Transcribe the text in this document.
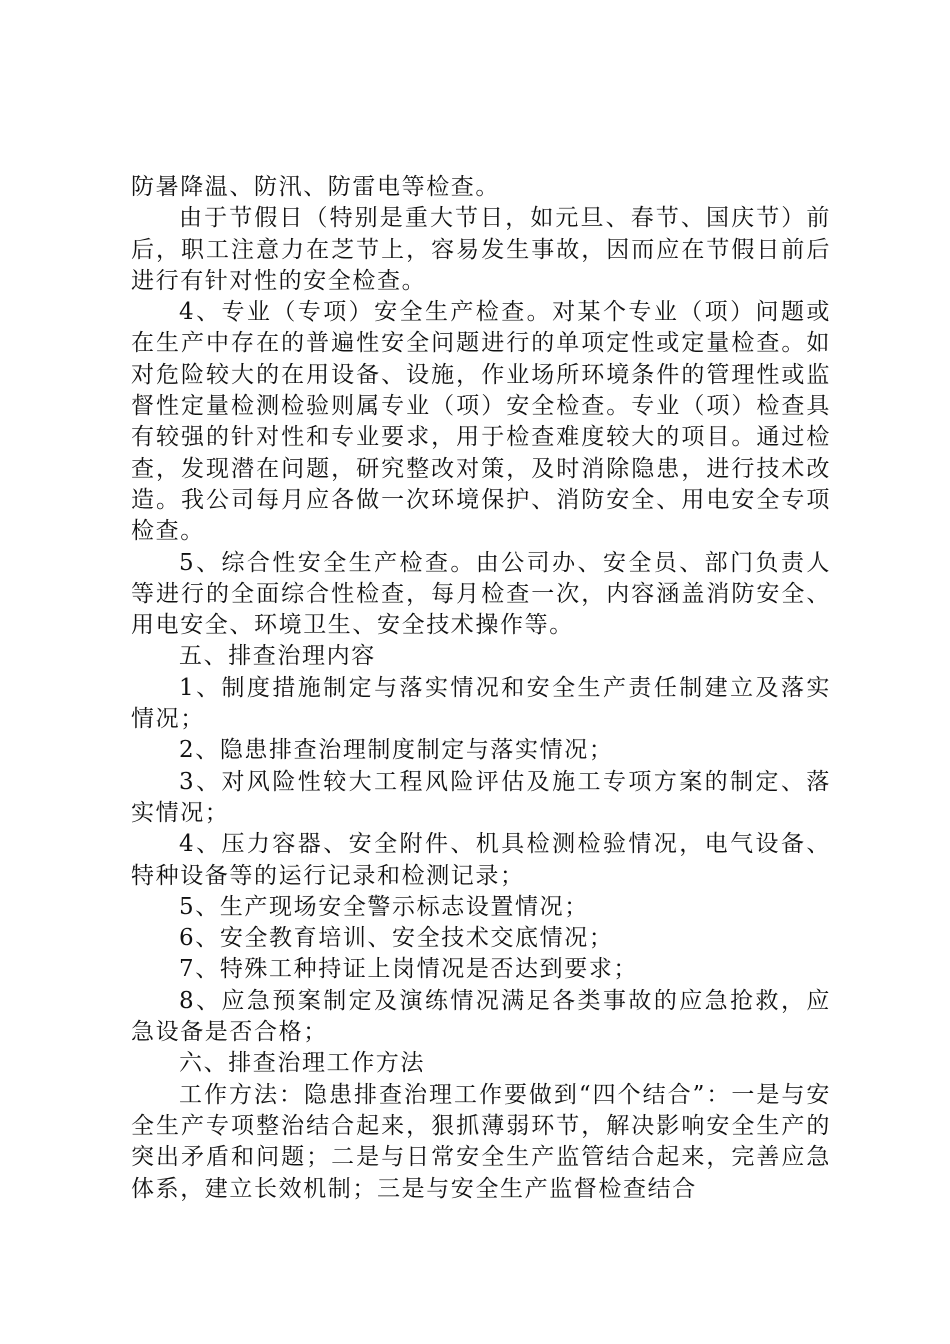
防暑降温、防汛、防雷电等检查。

由于节假日（特别是重大节日，如元旦、春节、国庆节）前后，职工注意力在芝节上，容易发生事故，因而应在节假日前后进行有针对性的安全检查。

4、专业（专项）安全生产检查。对某个专业（项）问题或在生产中存在的普遍性安全问题进行的单项定性或定量检查。如对危险较大的在用设备、设施，作业场所环境条件的管理性或监督性定量检测检验则属专业（项）安全检查。专业（项）检查具有较强的针对性和专业要求，用于检查难度较大的项目。通过检查，发现潜在问题，研究整改对策，及时消除隐患，进行技术改造。我公司每月应各做一次环境保护、消防安全、用电安全专项检查。

5、综合性安全生产检查。由公司办、安全员、部门负责人等进行的全面综合性检查，每月检查一次，内容涵盖消防安全、用电安全、环境卫生、安全技术操作等。

五、排查治理内容

1、制度措施制定与落实情况和安全生产责任制建立及落实情况；

2、隐患排查治理制度制定与落实情况；

3、对风险性较大工程风险评估及施工专项方案的制定、落实情况；

4、压力容器、安全附件、机具检测检验情况，电气设备、特种设备等的运行记录和检测记录；

5、生产现场安全警示标志设置情况；

6、安全教育培训、安全技术交底情况；

7、特殊工种持证上岗情况是否达到要求；

8、应急预案制定及演练情况满足各类事故的应急抢救，应急设备是否合格；

六、排查治理工作方法

工作方法：隐患排查治理工作要做到“四个结合”：一是与安全生产专项整治结合起来，狠抓薄弱环节，解决影响安全生产的突出矛盾和问题；二是与日常安全生产监管结合起来，完善应急体系，建立长效机制；三是与安全生产监督检查结合
